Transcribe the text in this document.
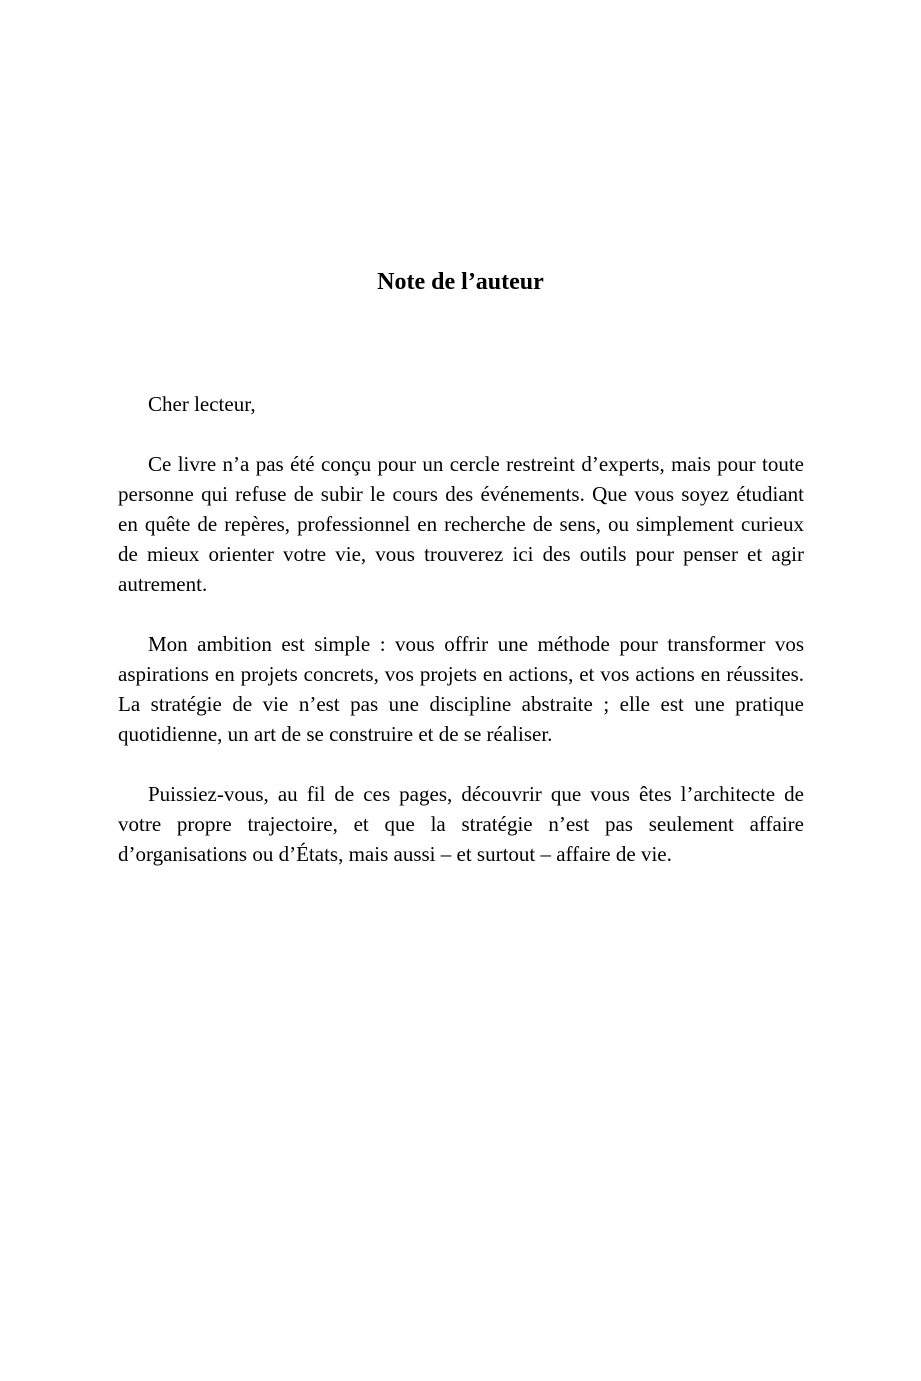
Note de l’auteur

Cher lecteur,

Ce livre n’a pas été conçu pour un cercle restreint d’experts, mais pour toute personne qui refuse de subir le cours des événements. Que vous soyez étudiant en quête de repères, professionnel en recherche de sens, ou simplement curieux de mieux orienter votre vie, vous trouverez ici des outils pour penser et agir autrement.

Mon ambition est simple : vous offrir une méthode pour transformer vos aspirations en projets concrets, vos projets en actions, et vos actions en réussites. La stratégie de vie n’est pas une discipline abstraite ; elle est une pratique quotidienne, un art de se construire et de se réaliser.

Puissiez-vous, au fil de ces pages, découvrir que vous êtes l’architecte de votre propre trajectoire, et que la stratégie n’est pas seulement affaire d’organisations ou d’États, mais aussi – et surtout – affaire de vie.
